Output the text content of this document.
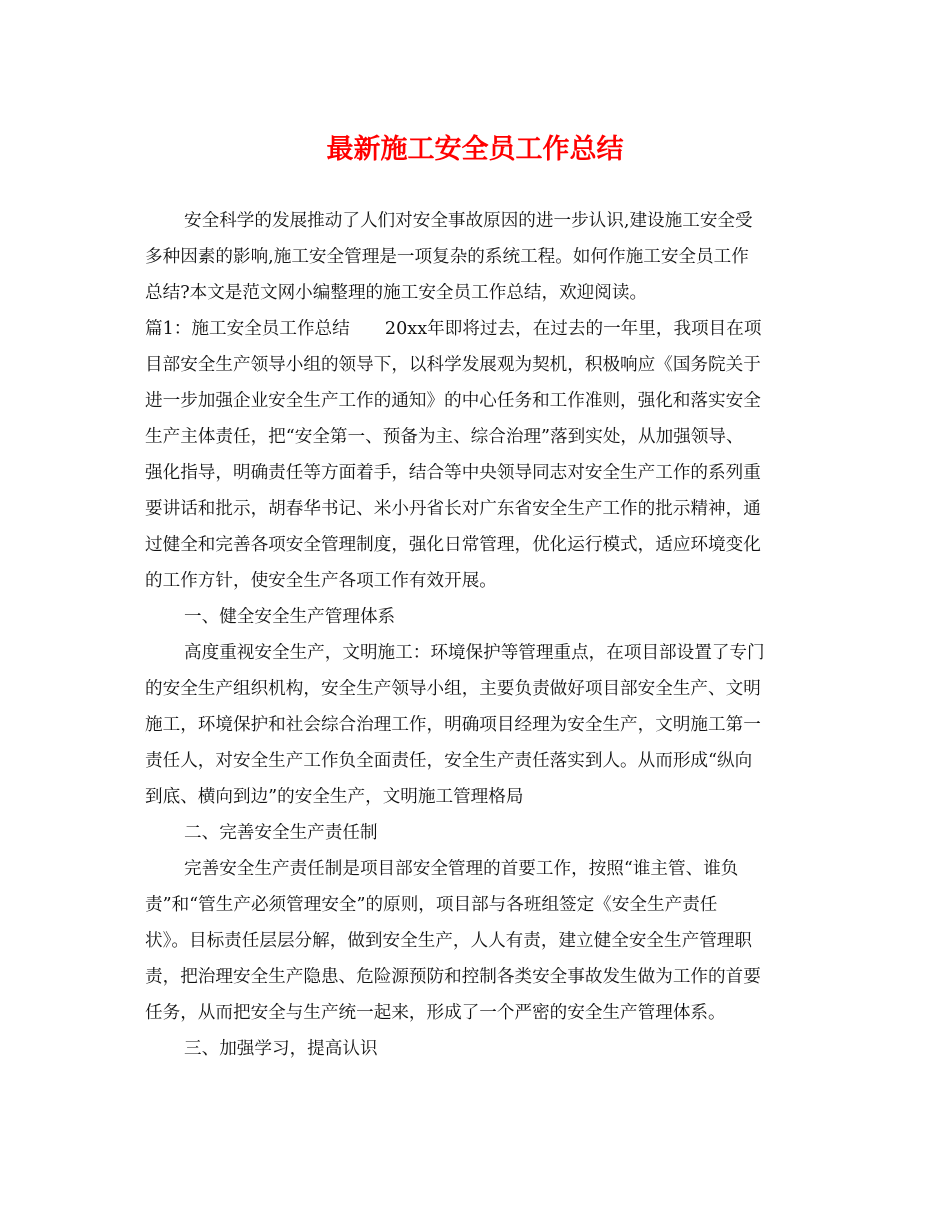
最新施工安全员工作总结
安全科学的发展推动了人们对安全事故原因的进一步认识,建设施工安全受
多种因素的影响,施工安全管理是一项复杂的系统工程。如何作施工安全员工作
总结?本文是范文网小编整理的施工安全员工作总结，欢迎阅读。
篇1：施工安全员工作总结　　20xx年即将过去，在过去的一年里，我项目在项
目部安全生产领导小组的领导下，以科学发展观为契机，积极响应《国务院关于
进一步加强企业安全生产工作的通知》的中心任务和工作准则，强化和落实安全
生产主体责任，把“安全第一、预备为主、综合治理”落到实处，从加强领导、
强化指导，明确责任等方面着手，结合等中央领导同志对安全生产工作的系列重
要讲话和批示，胡春华书记、米小丹省长对广东省安全生产工作的批示精神，通
过健全和完善各项安全管理制度，强化日常管理，优化运行模式，适应环境变化
的工作方针，使安全生产各项工作有效开展。
一、健全安全生产管理体系
高度重视安全生产，文明施工：环境保护等管理重点，在项目部设置了专门
的安全生产组织机构，安全生产领导小组，主要负责做好项目部安全生产、文明
施工，环境保护和社会综合治理工作，明确项目经理为安全生产，文明施工第一
责任人，对安全生产工作负全面责任，安全生产责任落实到人。从而形成“纵向
到底、横向到边”的安全生产，文明施工管理格局
二、完善安全生产责任制
完善安全生产责任制是项目部安全管理的首要工作，按照“谁主管、谁负
责”和“管生产必须管理安全”的原则，项目部与各班组签定《安全生产责任
状》。目标责任层层分解，做到安全生产，人人有责，建立健全安全生产管理职
责，把治理安全生产隐患、危险源预防和控制各类安全事故发生做为工作的首要
任务，从而把安全与生产统一起来，形成了一个严密的安全生产管理体系。
三、加强学习，提高认识
